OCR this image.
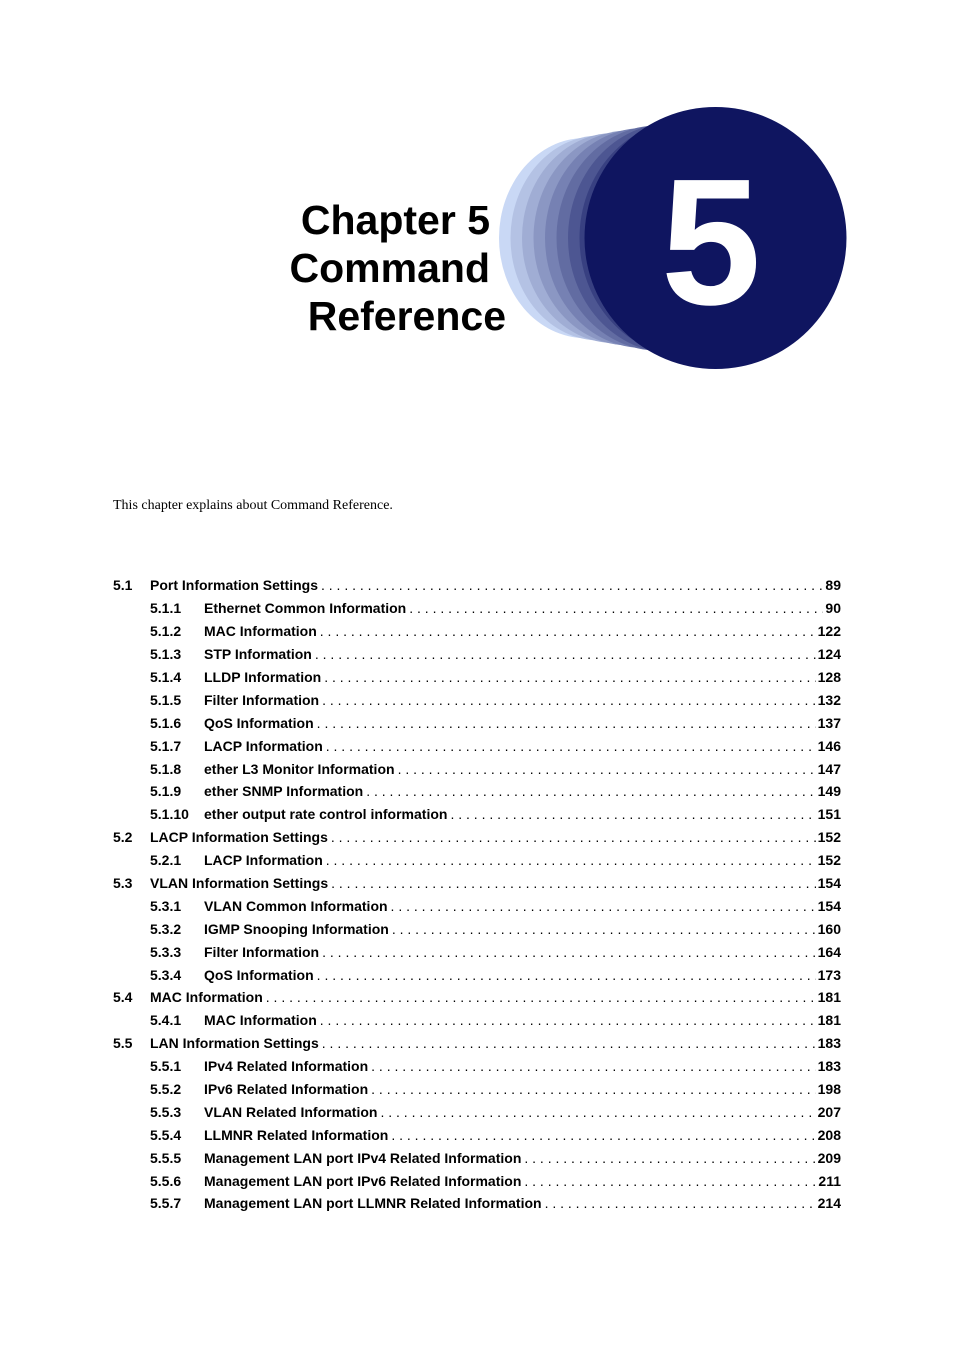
Chapter 5
Command
Reference 5
This chapter explains about Command Reference.
5.1 Port Information Settings . . .	89
5.1.1 Ethernet Common Information . . .	90
5.1.2 MAC Information . . .	122
5.1.3 STP Information . . .	124
5.1.4 LLDP Information . . .	128
5.1.5 Filter Information . . .	132
5.1.6 QoS Information . . .	137
5.1.7 LACP Information . . .	146
5.1.8 ether L3 Monitor Information . . .	147
5.1.9 ether SNMP Information . . .	149
5.1.10 ether output rate control information . . .	151
5.2 LACP Information Settings . . .	152
5.2.1 LACP Information . . .	152
5.3 VLAN Information Settings . . .	154
5.3.1 VLAN Common Information . . .	154
5.3.2 IGMP Snooping Information . . .	160
5.3.3 Filter Information . . .	164
5.3.4 QoS Information . . .	173
5.4 MAC Information . . .	181
5.4.1 MAC Information . . .	181
5.5 LAN Information Settings . . .	183
5.5.1 IPv4 Related Information . . .	183
5.5.2 IPv6 Related Information . . .	198
5.5.3 VLAN Related Information . . .	207
5.5.4 LLMNR Related Information . . .	208
5.5.5 Management LAN port IPv4 Related Information . . .	209
5.5.6 Management LAN port IPv6 Related Information . . .	211
5.5.7 Management LAN port LLMNR Related Information . . .	214
